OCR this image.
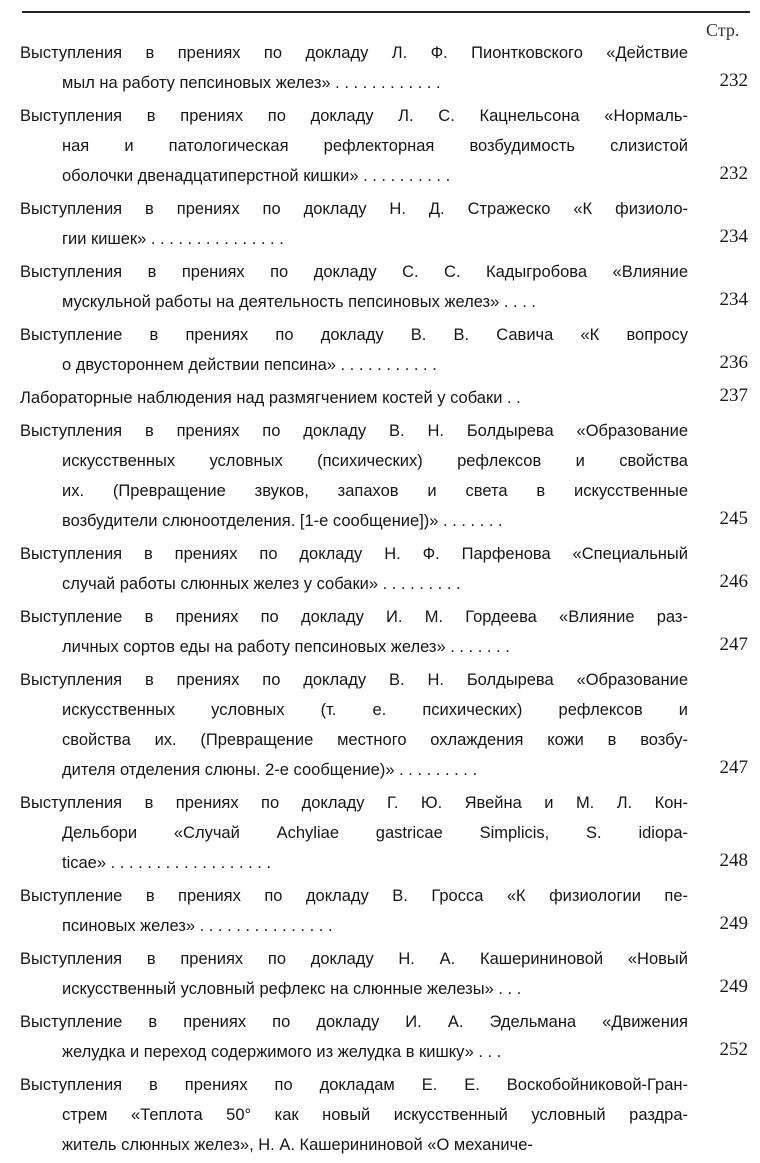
Стр.
Выступления в прениях по докладу Л. Ф. Пионтковского «Действие
мыл на работу пепсиновых желез» . . . . . . . . . . . .	232
Выступления в прениях по докладу Л. С. Кацнельсона «Нормаль-
ная и патологическая рефлекторная возбудимость слизистой
оболочки двенадцатиперстной кишки» . . . . . . . . . .	232
Выступления в прениях по докладу Н. Д. Стражеско «К физиоло-
гии кишек» . . . . . . . . . . . . . . .	234
Выступления в прениях по докладу С. С. Кадыгробова «Влияние
мускульной работы на деятельность пепсиновых желез» . . . .	234
Выступление в прениях по докладу В. В. Савича «К вопросу
о двустороннем действии пепсина» . . . . . . . . . . .	236
Лабораторные наблюдения над размягчением костей у собаки . .	237
Выступления в прениях по докладу В. Н. Болдырева «Образование
искусственных условных (психических) рефлексов и свойства
их. (Превращение звуков, запахов и света в искусственные
возбудители слюноотделения. [1-е сообщение])» . . . . . . .	245
Выступления в прениях по докладу Н. Ф. Парфенова «Специальный
случай работы слюнных желез у собаки» . . . . . . . . .	246
Выступление в прениях по докладу И. М. Гордеева «Влияние раз-
личных сортов еды на работу пепсиновых желез» . . . . . . .	247
Выступления в прениях по докладу В. Н. Болдырева «Образование
искусственных условных (т. е. психических) рефлексов и
свойства их. (Превращение местного охлаждения кожи в возбу-
дителя отделения слюны. 2-е сообщение)» . . . . . . . . .	247
Выступления в прениях по докладу Г. Ю. Явейна и М. Л. Кон-
Дельбори «Случай Achyliae gastricae Simplicis, S. idiopa-
ticae» . . . . . . . . . . . . . . . . . .	248
Выступление в прениях по докладу В. Гросса «К физиологии пе-
псиновых желез» . . . . . . . . . . . . . . .	249
Выступления в прениях по докладу Н. А. Кашерининовой «Новый
искусственный условный рефлекс на слюнные железы» . . .	249
Выступление в прениях по докладу И. А. Эдельмана «Движения
желудка и переход содержимого из желудка в кишку» . . .	252
Выступления в прениях по докладам Е. Е. Воскобойниковой-Гран-
стрем «Теплота 50° как новый искусственный условный раздра-
житель слюнных желез», Н. А. Кашерининовой «О механиче-
